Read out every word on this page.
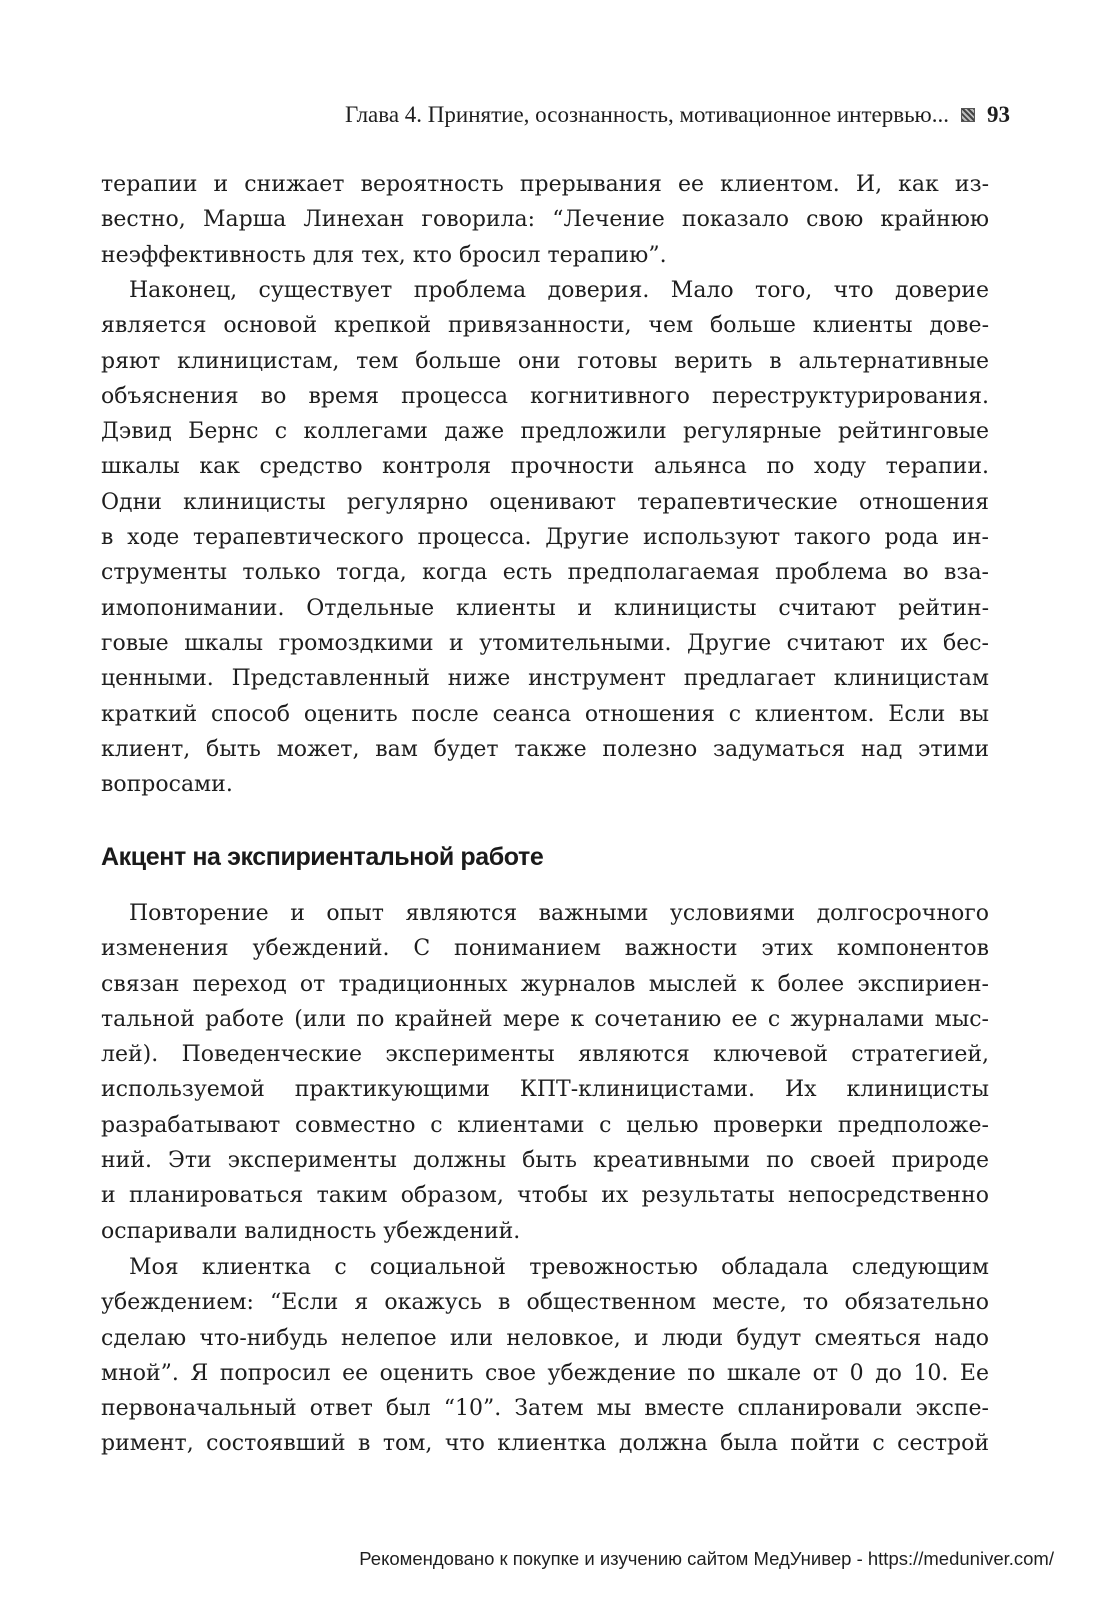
Глава 4. Принятие, осознанность, мотивационное интервью... 93
терапии и снижает вероятность прерывания ее клиентом. И, как из-
вестно, Марша Линехан говорила: “Лечение показало свою крайнюю
неэффективность для тех, кто бросил терапию”.
Наконец, существует проблема доверия. Мало того, что доверие
является основой крепкой привязанности, чем больше клиенты дове-
ряют клиницистам, тем больше они готовы верить в альтернативные
объяснения во время процесса когнитивного переструктурирования.
Дэвид Бернс с коллегами даже предложили регулярные рейтинговые
шкалы как средство контроля прочности альянса по ходу терапии.
Одни клиницисты регулярно оценивают терапевтические отношения
в ходе терапевтического процесса. Другие используют такого рода ин-
струменты только тогда, когда есть предполагаемая проблема во вза-
имопонимании. Отдельные клиенты и клиницисты считают рейтин-
говые шкалы громоздкими и утомительными. Другие считают их бес-
ценными. Представленный ниже инструмент предлагает клиницистам
краткий способ оценить после сеанса отношения с клиентом. Если вы
клиент, быть может, вам будет также полезно задуматься над этими
вопросами.
Акцент на экспириентальной работе
Повторение и опыт являются важными условиями долгосрочного
изменения убеждений. С пониманием важности этих компонентов
связан переход от традиционных журналов мыслей к более экспириен-
тальной работе (или по крайней мере к сочетанию ее с журналами мыс-
лей). Поведенческие эксперименты являются ключевой стратегией,
используемой практикующими КПТ-клиницистами. Их клиницисты
разрабатывают совместно с клиентами с целью проверки предположе-
ний. Эти эксперименты должны быть креативными по своей природе
и планироваться таким образом, чтобы их результаты непосредственно
оспаривали валидность убеждений.
Моя клиентка с социальной тревожностью обладала следующим
убеждением: “Если я окажусь в общественном месте, то обязательно
сделаю что-нибудь нелепое или неловкое, и люди будут смеяться надо
мной”. Я попросил ее оценить свое убеждение по шкале от 0 до 10. Ее
первоначальный ответ был “10”. Затем мы вместе спланировали экспе-
римент, состоявший в том, что клиентка должна была пойти с сестрой
Рекомендовано к покупке и изучению сайтом МедУнивер - https://meduniver.com/
